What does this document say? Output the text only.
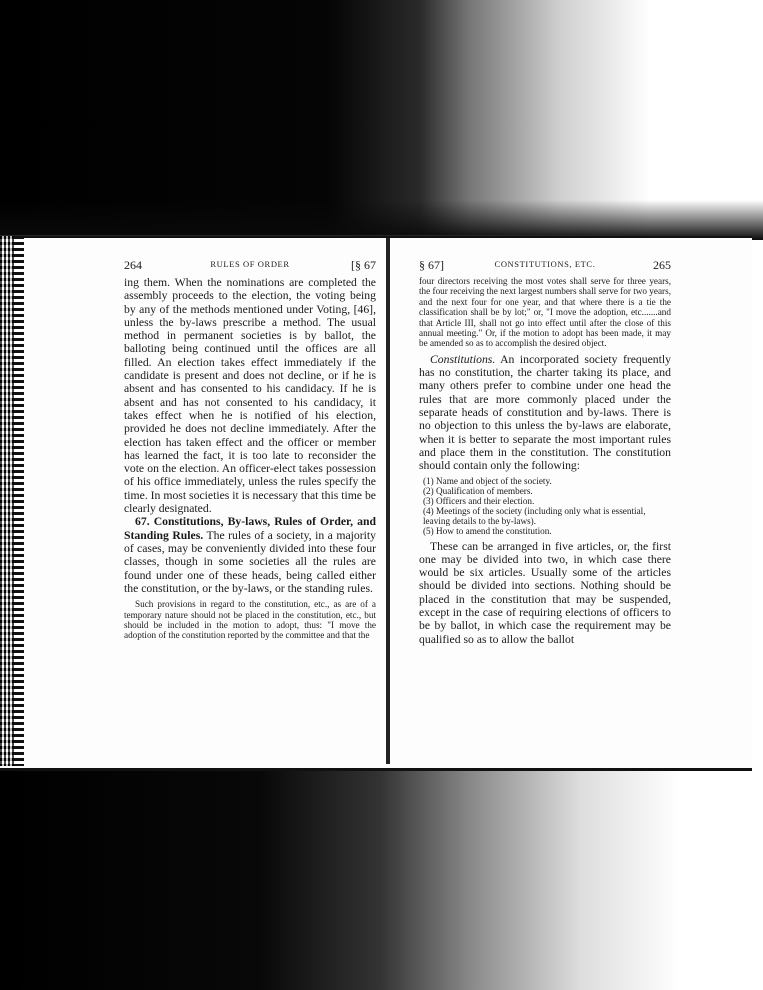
264	RULES OF ORDER	[§ 67

ing them. When the nominations are completed the assembly proceeds to the election, the voting being by any of the methods mentioned under Voting, [46], unless the by-laws prescribe a method. The usual method in permanent societies is by ballot, the balloting being continued until the offices are all filled. An election takes effect immediately if the candidate is present and does not decline, or if he is absent and has consented to his candidacy. If he is absent and has not consented to his candidacy, it takes effect when he is notified of his election, provided he does not decline immediately. After the election has taken effect and the officer or member has learned the fact, it is too late to reconsider the vote on the election. An officer-elect takes possession of his office immediately, unless the rules specify the time. In most societies it is necessary that this time be clearly designated.

67. Constitutions, By-laws, Rules of Order, and Standing Rules. The rules of a society, in a majority of cases, may be conveniently divided into these four classes, though in some societies all the rules are found under one of these heads, being called either the constitution, or the by-laws, or the standing rules.

Such provisions in regard to the constitution, etc., as are of a temporary nature should not be placed in the constitution, etc., but should be included in the motion to adopt, thus: "I move the adoption of the constitution reported by the committee and that the

§ 67]	CONSTITUTIONS, ETC.	265

four directors receiving the most votes shall serve for three years, the four receiving the next largest numbers shall serve for two years, and the next four for one year, and that where there is a tie the classification shall be by lot;" or, "I move the adoption, etc.......and that Article III, shall not go into effect until after the close of this annual meeting." Or, if the motion to adopt has been made, it may be amended so as to accomplish the desired object.

Constitutions. An incorporated society frequently has no constitution, the charter taking its place, and many others prefer to combine under one head the rules that are more commonly placed under the separate heads of constitution and by-laws. There is no objection to this unless the by-laws are elaborate, when it is better to separate the most important rules and place them in the constitution. The constitution should contain only the following:

(1) Name and object of the society.
(2) Qualification of members.
(3) Officers and their election.
(4) Meetings of the society (including only what is essential, leaving details to the by-laws).
(5) How to amend the constitution.

These can be arranged in five articles, or, the first one may be divided into two, in which case there would be six articles. Usually some of the articles should be divided into sections. Nothing should be placed in the constitution that may be suspended, except in the case of requiring elections of officers to be by ballot, in which case the requirement may be qualified so as to allow the ballot
